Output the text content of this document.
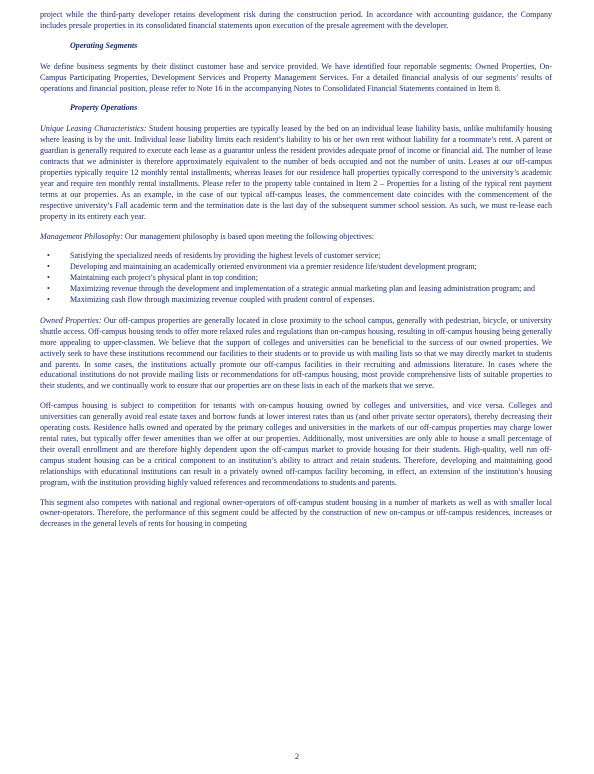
project while the third-party developer retains development risk during the construction period. In accordance with accounting guidance, the Company includes presale properties in its consolidated financial statements upon execution of the presale agreement with the developer.

Operating Segments

We define business segments by their distinct customer base and service provided. We have identified four reportable segments: Owned Properties, On-Campus Participating Properties, Development Services and Property Management Services. For a detailed financial analysis of our segments’ results of operations and financial position, please refer to Note 16 in the accompanying Notes to Consolidated Financial Statements contained in Item 8.

Property Operations

Unique Leasing Characteristics: Student housing properties are typically leased by the bed on an individual lease liability basis, unlike multifamily housing where leasing is by the unit. Individual lease liability limits each resident’s liability to his or her own rent without liability for a roommate’s rent. A parent or guardian is generally required to execute each lease as a guarantor unless the resident provides adequate proof of income or financial aid. The number of lease contracts that we administer is therefore approximately equivalent to the number of beds occupied and not the number of units. Leases at our off-campus properties typically require 12 monthly rental installments, whereas leases for our residence hall properties typically correspond to the university’s academic year and require ten monthly rental installments. Please refer to the property table contained in Item 2 – Properties for a listing of the typical rent payment terms at our properties. As an example, in the case of our typical off-campus leases, the commencement date coincides with the commencement of the respective university’s Fall academic term and the termination date is the last day of the subsequent summer school session. As such, we must re-lease each property in its entirety each year.

Management Philosophy: Our management philosophy is based upon meeting the following objectives:

•	Satisfying the specialized needs of residents by providing the highest levels of customer service;
•	Developing and maintaining an academically oriented environment via a premier residence life/student development program;
•	Maintaining each project’s physical plant in top condition;
•	Maximizing revenue through the development and implementation of a strategic annual marketing plan and leasing administration program; and
•	Maximizing cash flow through maximizing revenue coupled with prudent control of expenses.

Owned Properties: Our off-campus properties are generally located in close proximity to the school campus, generally with pedestrian, bicycle, or university shuttle access. Off-campus housing tends to offer more relaxed rules and regulations than on-campus housing, resulting in off-campus housing being generally more appealing to upper-classmen. We believe that the support of colleges and universities can be beneficial to the success of our owned properties. We actively seek to have these institutions recommend our facilities to their students or to provide us with mailing lists so that we may directly market to students and parents. In some cases, the institutions actually promote our off-campus facilities in their recruiting and admissions literature. In cases where the educational institutions do not provide mailing lists or recommendations for off-campus housing, most provide comprehensive lists of suitable properties to their students, and we continually work to ensure that our properties are on these lists in each of the markets that we serve.

Off-campus housing is subject to competition for tenants with on-campus housing owned by colleges and universities, and vice versa. Colleges and universities can generally avoid real estate taxes and borrow funds at lower interest rates than us (and other private sector operators), thereby decreasing their operating costs. Residence halls owned and operated by the primary colleges and universities in the markets of our off-campus properties may charge lower rental rates, but typically offer fewer amenities than we offer at our properties. Additionally, most universities are only able to house a small percentage of their overall enrollment and are therefore highly dependent upon the off-campus market to provide housing for their students. High-quality, well run off-campus student housing can be a critical component to an institution’s ability to attract and retain students. Therefore, developing and maintaining good relationships with educational institutions can result in a privately owned off-campus facility becoming, in effect, an extension of the institution’s housing program, with the institution providing highly valued references and recommendations to students and parents.

This segment also competes with national and regional owner-operators of off-campus student housing in a number of markets as well as with smaller local owner-operators. Therefore, the performance of this segment could be affected by the construction of new on-campus or off-campus residences, increases or decreases in the general levels of rents for housing in competing

2
